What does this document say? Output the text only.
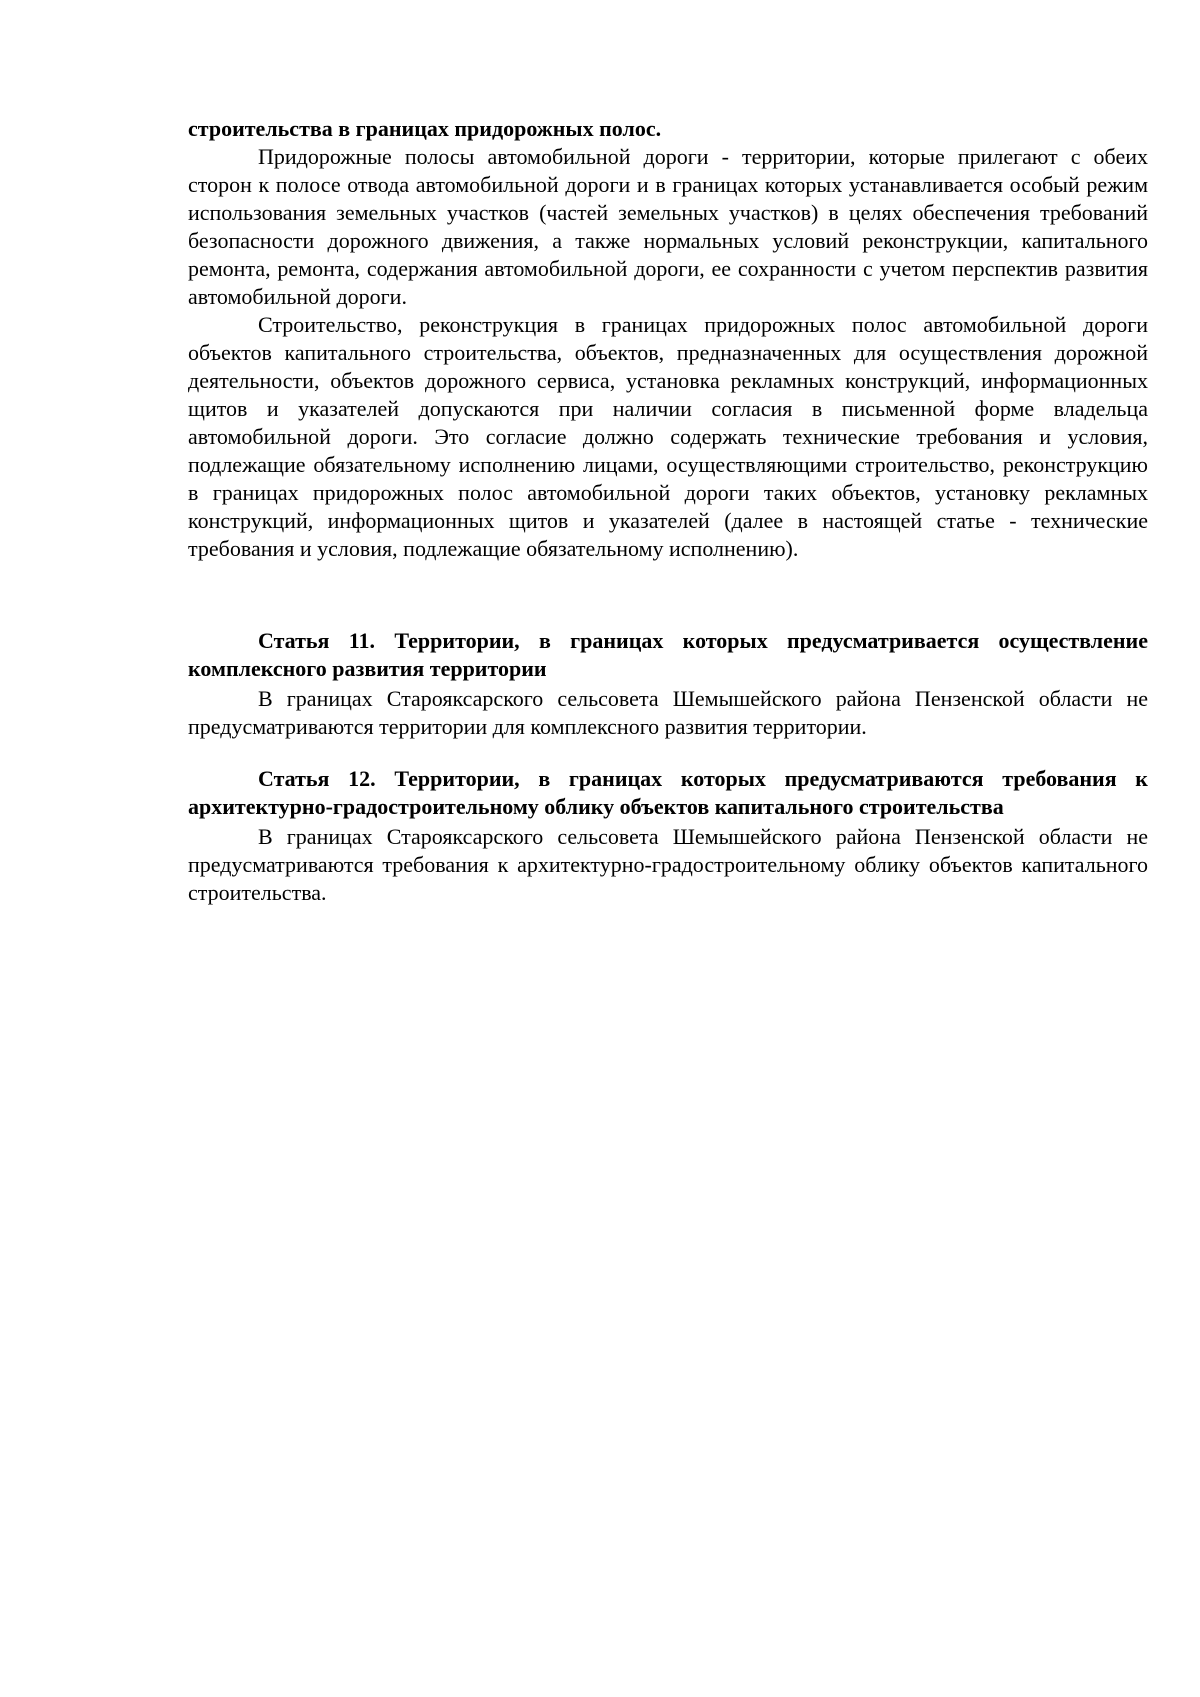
строительства в границах придорожных полос.

Придорожные полосы автомобильной дороги - территории, которые прилегают с обеих сторон к полосе отвода автомобильной дороги и в границах которых устанавливается особый режим использования земельных участков (частей земельных участков) в целях обеспечения требований безопасности дорожного движения, а также нормальных условий реконструкции, капитального ремонта, ремонта, содержания автомобильной дороги, ее сохранности с учетом перспектив развития автомобильной дороги.

Строительство, реконструкция в границах придорожных полос автомобильной дороги объектов капитального строительства, объектов, предназначенных для осуществления дорожной деятельности, объектов дорожного сервиса, установка рекламных конструкций, информационных щитов и указателей допускаются при наличии согласия в письменной форме владельца автомобильной дороги. Это согласие должно содержать технические требования и условия, подлежащие обязательному исполнению лицами, осуществляющими строительство, реконструкцию в границах придорожных полос автомобильной дороги таких объектов, установку рекламных конструкций, информационных щитов и указателей (далее в настоящей статье - технические требования и условия, подлежащие обязательному исполнению).

Статья 11. Территории, в границах которых предусматривается осуществление комплексного развития территории

В границах Старояксарского сельсовета Шемышейского района Пензенской области не предусматриваются территории для комплексного развития территории.

Статья 12. Территории, в границах которых предусматриваются требования к архитектурно-градостроительному облику объектов капитального строительства

В границах Старояксарского сельсовета Шемышейского района Пензенской области не предусматриваются требования к архитектурно-градостроительному облику объектов капитального строительства.
